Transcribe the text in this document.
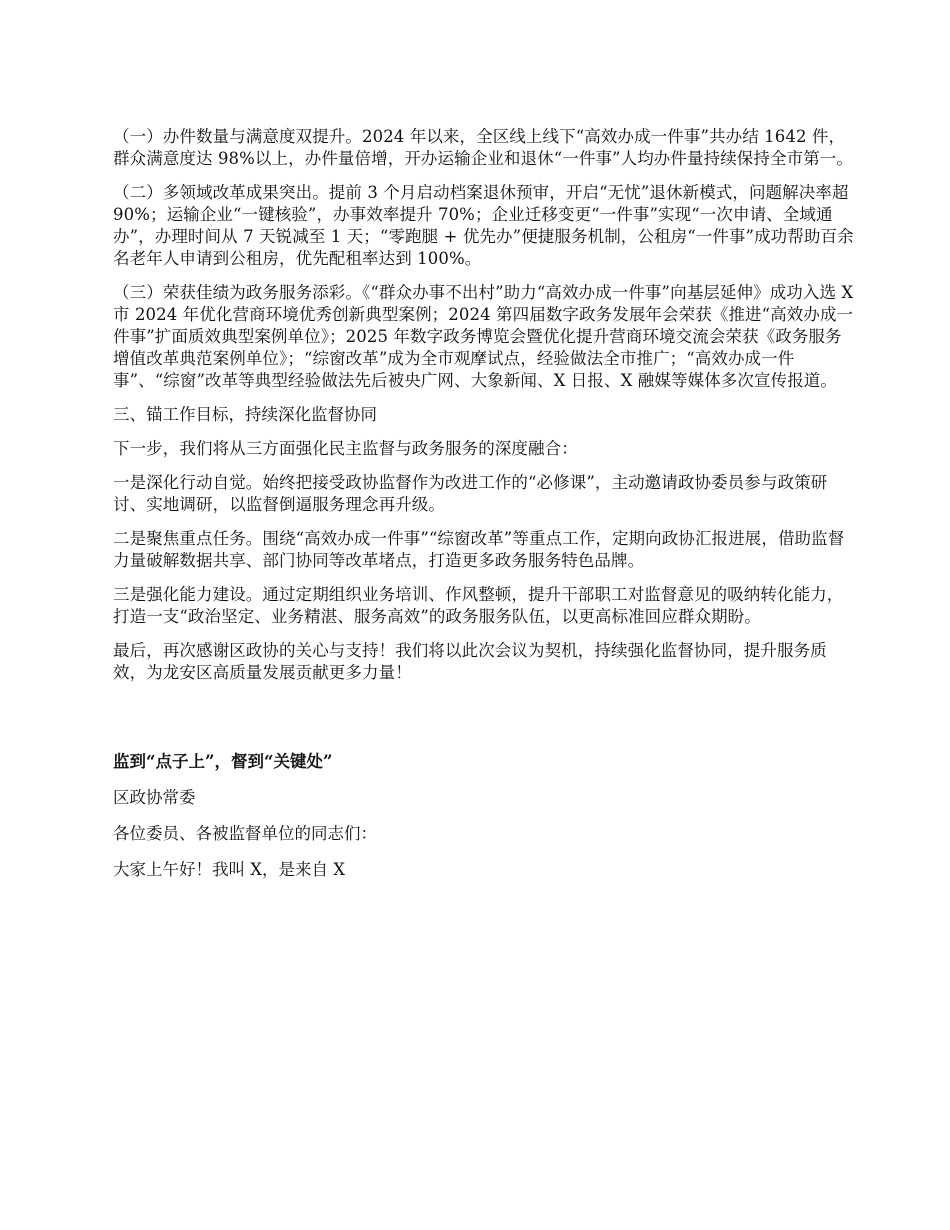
（一）办件数量与满意度双提升。2024 年以来，全区线上线下“高效办成一件事”共办结 1642 件，群众满意度达 98%以上，办件量倍增，开办运输企业和退休“一件事”人均办件量持续保持全市第一。

（二）多领域改革成果突出。提前 3 个月启动档案退休预审，开启“无忧”退休新模式，问题解决率超 90%；运输企业“一键核验”，办事效率提升 70%；企业迁移变更“一件事”实现“一次申请、全域通办”，办理时间从 7 天锐减至 1 天；“零跑腿 + 优先办”便捷服务机制，公租房“一件事”成功帮助百余名老年人申请到公租房，优先配租率达到 100%。

（三）荣获佳绩为政务服务添彩。《“群众办事不出村”助力“高效办成一件事”向基层延伸》成功入选 X 市 2024 年优化营商环境优秀创新典型案例；2024 第四届数字政务发展年会荣获《推进“高效办成一件事”扩面质效典型案例单位》；2025 年数字政务博览会暨优化提升营商环境交流会荣获《政务服务增值改革典范案例单位》；“综窗改革”成为全市观摩试点，经验做法全市推广；“高效办成一件事”、“综窗”改革等典型经验做法先后被央广网、大象新闻、X 日报、X 融媒等媒体多次宣传报道。

三、锚工作目标，持续深化监督协同

下一步，我们将从三方面强化民主监督与政务服务的深度融合：

一是深化行动自觉。始终把接受政协监督作为改进工作的“必修课”，主动邀请政协委员参与政策研讨、实地调研，以监督倒逼服务理念再升级。

二是聚焦重点任务。围绕“高效办成一件事”“综窗改革”等重点工作，定期向政协汇报进展，借助监督力量破解数据共享、部门协同等改革堵点，打造更多政务服务特色品牌。

三是强化能力建设。通过定期组织业务培训、作风整顿，提升干部职工对监督意见的吸纳转化能力，打造一支“政治坚定、业务精湛、服务高效”的政务服务队伍，以更高标准回应群众期盼。

最后，再次感谢区政协的关心与支持！我们将以此次会议为契机，持续强化监督协同，提升服务质效，为龙安区高质量发展贡献更多力量！

监到“点子上”，督到“关键处”

区政协常委

各位委员、各被监督单位的同志们：

大家上午好！我叫 X，是来自 X
